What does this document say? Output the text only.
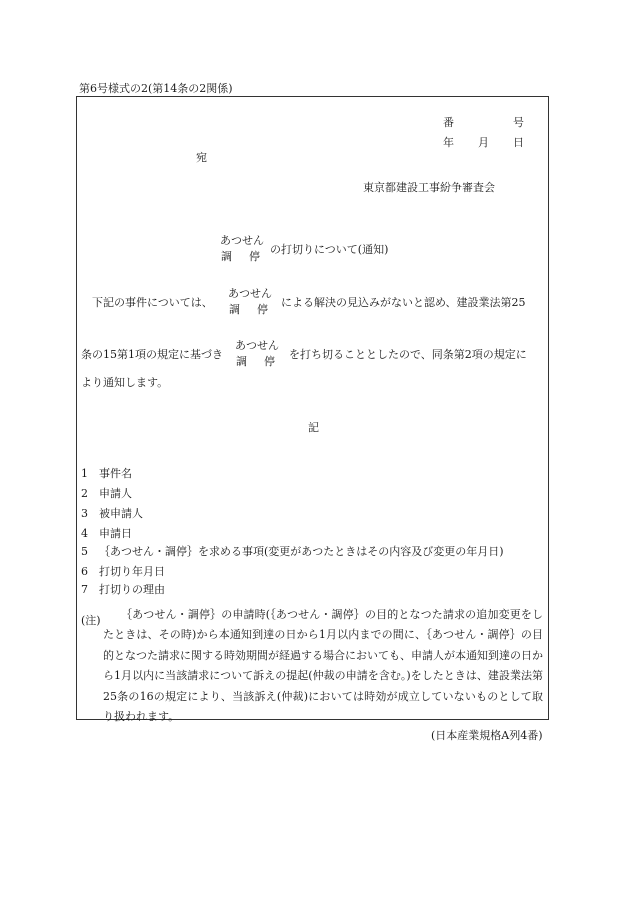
第6号様式の2(第14条の2関係)
番	号
年 月 日
宛
東京都建設工事紛争審査会
あつせん
調 停
の打切りについて(通知)
下記の事件については、
あつせん
調 停
による解決の見込みがないと認め、建設業法第25
条の15第1項の規定に基づき
あつせん
調 停
を打ち切ることとしたので、同条第2項の規定に
より通知します。
記
1 事件名
2 申請人
3 被申請人
4 申請日
5 ｛あつせん・調停｝を求める事項(変更があつたときはその内容及び変更の年月日)
6 打切り年月日
7 打切りの理由
(注)	｛あつせん・調停｝の申請時(｛あつせん・調停｝の目的となつた請求の追加変更をしたときは、その時)から本通知到達の日から1月以内までの間に、｛あつせん・調停｝の目的となつた請求に関する時効期間が経過する場合においても、申請人が本通知到達の日から1月以内に当該請求について訴えの提起(仲裁の申請を含む。)をしたときは、建設業法第25条の16の規定により、当該訴え(仲裁)においては時効が成立していないものとして取り扱われます。
(日本産業規格A列4番)
